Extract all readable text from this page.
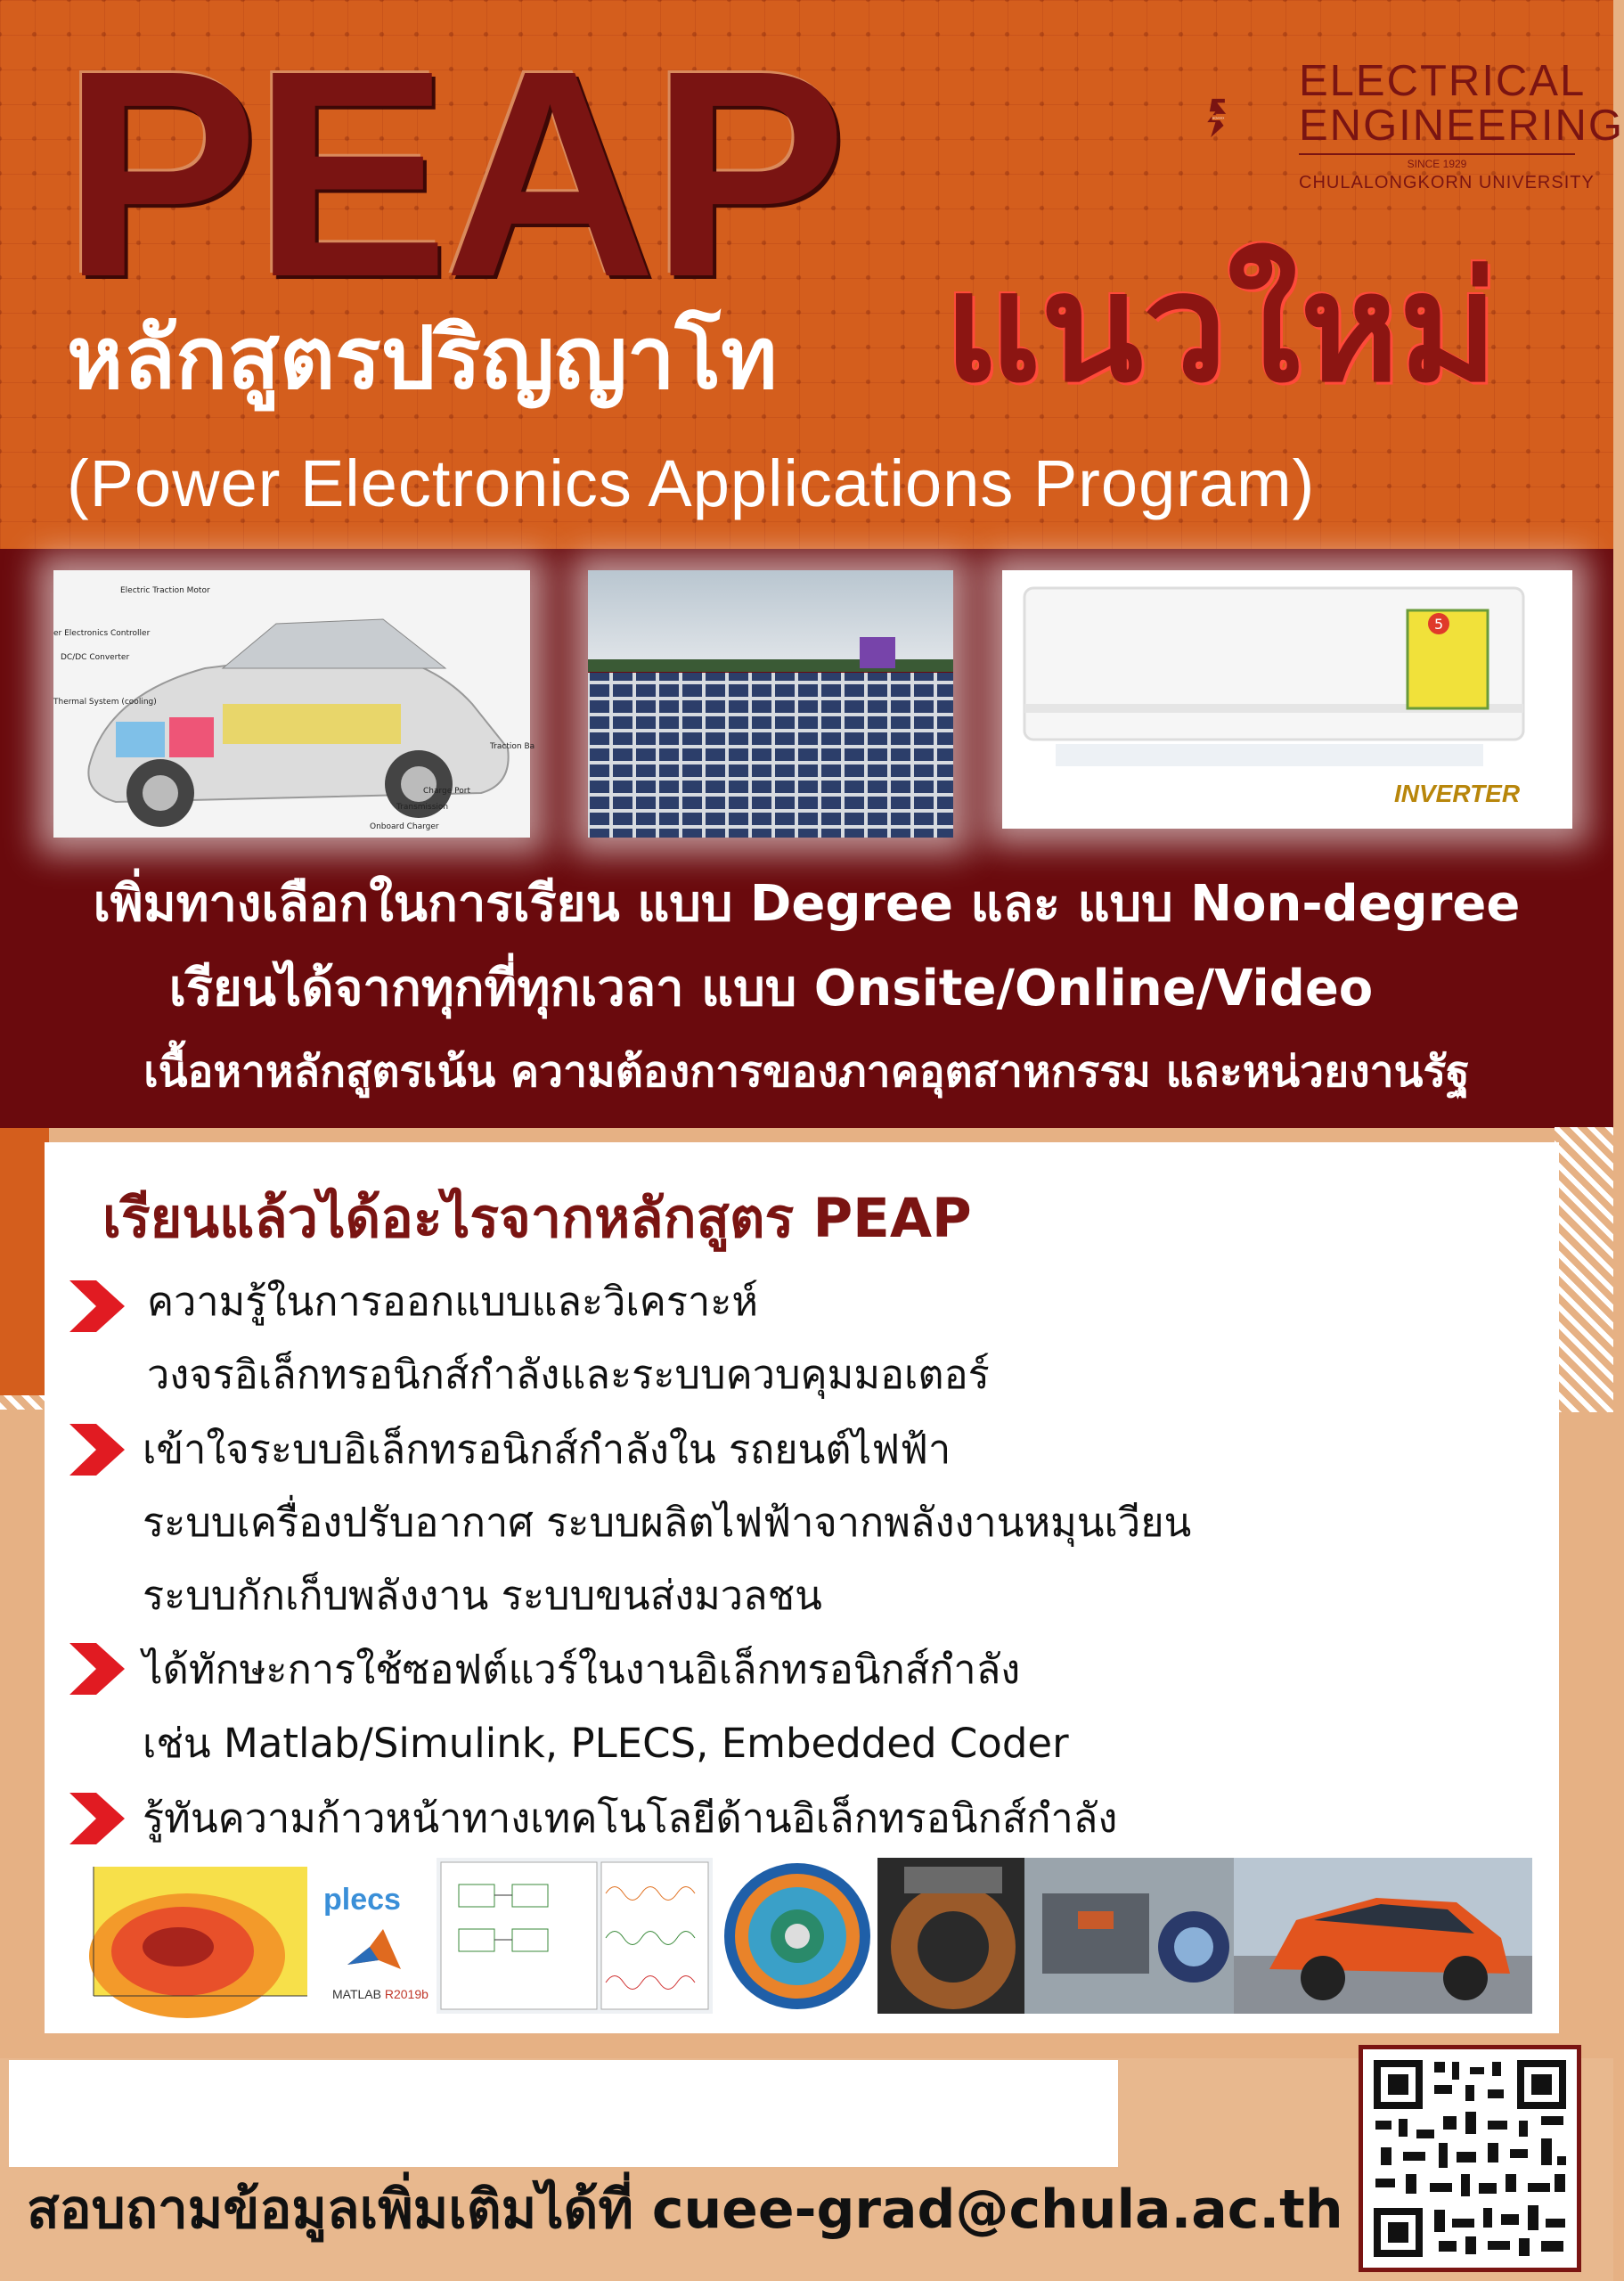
PEAP	MCMXXIX
ELECTRICAL
ENGINEERING
SINCE 1929
CHULALONGKORN UNIVERSITY
หลักสูตรปริญญาโท แนวใหม่
(Power Electronics Applications Program)
Electric Traction Motor
er Electronics Controller
DC/DC Converter
Thermal System (cooling)
Traction Ba
Charge Port
Transmission
Onboard Charger
5
INVERTER
เพิ่มทางเลือกในการเรียน แบบ Degree และ แบบ Non-degree
เรียนได้จากทุกที่ทุกเวลา แบบ Onsite/Online/Video
เนื้อหาหลักสูตรเน้น ความต้องการของภาคอุตสาหกรรม และหน่วยงานรัฐ
เรียนแล้วได้อะไรจากหลักสูตร PEAP
ความรู้ในการออกแบบและวิเคราะห์
วงจรอิเล็กทรอนิกส์กำลังและระบบควบคุมมอเตอร์
เข้าใจระบบอิเล็กทรอนิกส์กำลังใน รถยนต์ไฟฟ้า
ระบบเครื่องปรับอากาศ ระบบผลิตไฟฟ้าจากพลังงานหมุนเวียน
ระบบกักเก็บพลังงาน ระบบขนส่งมวลชน
ได้ทักษะการใช้ซอฟต์แวร์ในงานอิเล็กทรอนิกส์กำลัง
เช่น Matlab/Simulink, PLECS, Embedded Coder
รู้ทันความก้าวหน้าทางเทคโนโลยีด้านอิเล็กทรอนิกส์กำลัง
plecs
MATLAB R2019b
สอบถามข้อมูลเพิ่มเติมได้ที่ cuee-grad@chula.ac.th
